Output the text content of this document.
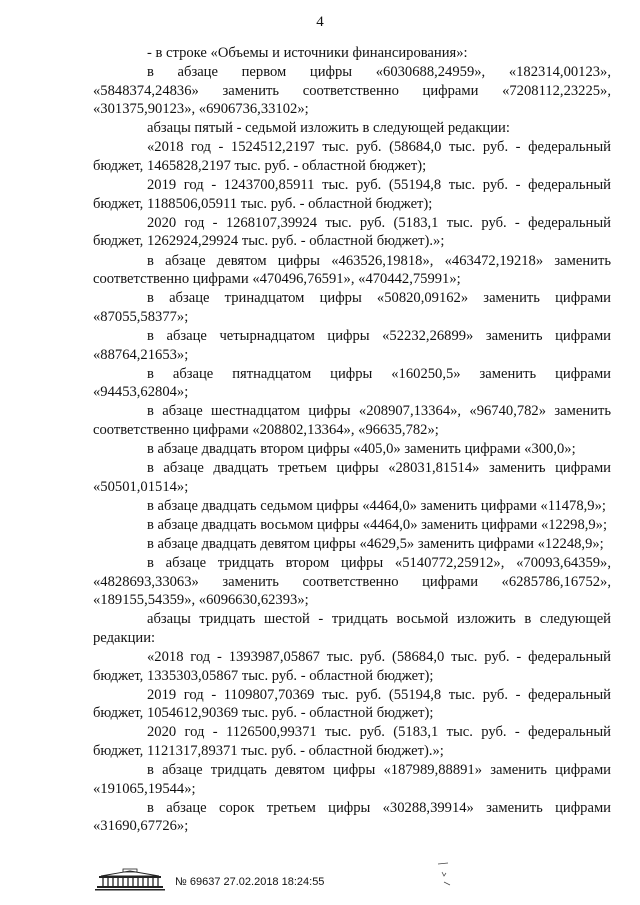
4

- в строке «Объемы и источники финансирования»:

в абзаце первом цифры «6030688,24959», «182314,00123», «5848374,24836» заменить соответственно цифрами «7208112,23225», «301375,90123», «6906736,33102»;

абзацы пятый - седьмой изложить в следующей редакции:

«2018 год - 1524512,2197 тыс. руб. (58684,0 тыс. руб. - федеральный бюджет, 1465828,2197 тыс. руб. - областной бюджет);

2019 год - 1243700,85911 тыс. руб. (55194,8 тыс. руб. - федеральный бюджет, 1188506,05911 тыс. руб. - областной бюджет);

2020 год - 1268107,39924 тыс. руб. (5183,1 тыс. руб. - федеральный бюджет, 1262924,29924 тыс. руб. - областной бюджет).»;

в абзаце девятом цифры «463526,19818», «463472,19218» заменить соответственно цифрами «470496,76591», «470442,75991»;

в абзаце тринадцатом цифры «50820,09162» заменить цифрами «87055,58377»;

в абзаце четырнадцатом цифры «52232,26899» заменить цифрами «88764,21653»;

в абзаце пятнадцатом цифры «160250,5» заменить цифрами «94453,62804»;

в абзаце шестнадцатом цифры «208907,13364», «96740,782» заменить соответственно цифрами «208802,13364», «96635,782»;

в абзаце двадцать втором цифры «405,0» заменить цифрами «300,0»;

в абзаце двадцать третьем цифры «28031,81514» заменить цифрами «50501,01514»;

в абзаце двадцать седьмом цифры «4464,0» заменить цифрами «11478,9»;

в абзаце двадцать восьмом цифры «4464,0» заменить цифрами «12298,9»;

в абзаце двадцать девятом цифры «4629,5» заменить цифрами «12248,9»;

в абзаце тридцать втором цифры «5140772,25912», «70093,64359», «4828693,33063» заменить соответственно цифрами «6285786,16752», «189155,54359», «6096630,62393»;

абзацы тридцать шестой - тридцать восьмой изложить в следующей редакции:

«2018 год - 1393987,05867 тыс. руб. (58684,0 тыс. руб. - федеральный бюджет, 1335303,05867 тыс. руб. - областной бюджет);

2019 год - 1109807,70369 тыс. руб. (55194,8 тыс. руб. - федеральный бюджет, 1054612,90369 тыс. руб. - областной бюджет);

2020 год - 1126500,99371 тыс. руб. (5183,1 тыс. руб. - федеральный бюджет, 1121317,89371 тыс. руб. - областной бюджет).»;

в абзаце тридцать девятом цифры «187989,88891» заменить цифрами «191065,19544»;

в абзаце сорок третьем цифры «30288,39914» заменить цифрами «31690,67726»;

№ 69637 27.02.2018 18:24:55
